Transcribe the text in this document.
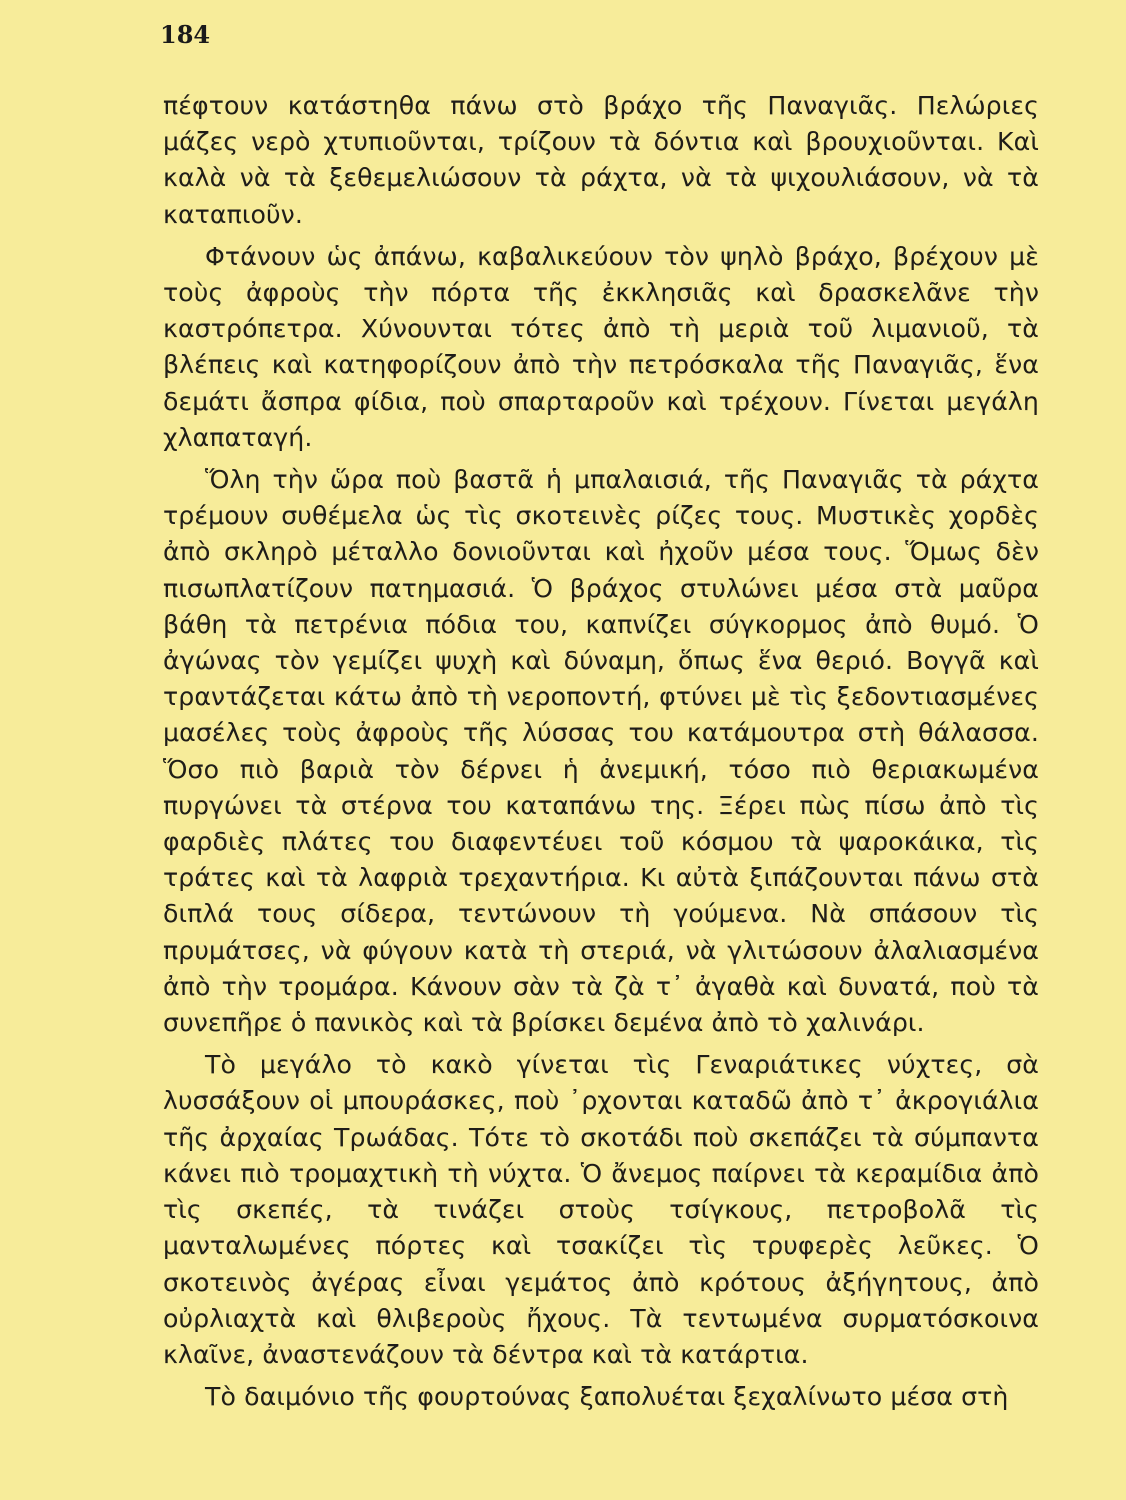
184

πέφτουν κατάστηθα πάνω στὸ βράχο τῆς Παναγιᾶς. Πελώριες μάζες νερὸ χτυπιοῦνται, τρίζουν τὰ δόντια καὶ βρουχιοῦνται. Καὶ καλὰ νὰ τὰ ξεθεμελιώσουν τὰ ράχτα, νὰ τὰ ψιχουλιάσουν, νὰ τὰ καταπιοῦν.

Φτάνουν ὡς ἀπάνω, καβαλικεύουν τὸν ψηλὸ βράχο, βρέχουν μὲ τοὺς ἀφροὺς τὴν πόρτα τῆς ἐκκλησιᾶς καὶ δρασκελᾶνε τὴν καστρόπετρα. Χύνουνται τότες ἀπὸ τὴ μεριὰ τοῦ λιμανιοῦ, τὰ βλέπεις καὶ κατηφορίζουν ἀπὸ τὴν πετρόσκαλα τῆς Παναγιᾶς, ἕνα δεμάτι ἄσπρα φίδια, ποὺ σπαρταροῦν καὶ τρέχουν. Γίνεται μεγάλη χλαπαταγή.

Ὅλη τὴν ὥρα ποὺ βαστᾶ ἡ μπαλαισιά, τῆς Παναγιᾶς τὰ ράχτα τρέμουν συθέμελα ὡς τὶς σκοτεινὲς ρίζες τους. Μυστικὲς χορδὲς ἀπὸ σκληρὸ μέταλλο δονιοῦνται καὶ ἠχοῦν μέσα τους. Ὅμως δὲν πισωπλατίζουν πατημασιά. Ὁ βράχος στυλώνει μέσα στὰ μαῦρα βάθη τὰ πετρένια πόδια του, καπνίζει σύγκορμος ἀπὸ θυμό. Ὁ ἀγώνας τὸν γεμίζει ψυχὴ καὶ δύναμη, ὅπως ἕνα θεριό. Βογγᾶ καὶ τραντάζεται κάτω ἀπὸ τὴ νεροποντή, φτύνει μὲ τὶς ξεδοντιασμένες μασέλες τοὺς ἀφροὺς τῆς λύσσας του κατάμουτρα στὴ θάλασσα. Ὅσο πιὸ βαριὰ τὸν δέρνει ἡ ἀνεμική, τόσο πιὸ θεριακωμένα πυργώνει τὰ στέρνα του καταπάνω της. Ξέρει πὼς πίσω ἀπὸ τὶς φαρδιὲς πλάτες του διαφεντέυει τοῦ κόσμου τὰ ψαροκάικα, τὶς τράτες καὶ τὰ λαφριὰ τρεχαντήρια. Κι αὐτὰ ξιπάζουνται πάνω στὰ διπλά τους σίδερα, τεντώνουν τὴ γούμενα. Νὰ σπάσουν τὶς πρυμάτσες, νὰ φύγουν κατὰ τὴ στεριά, νὰ γλιτώσουν ἀλαλιασμένα ἀπὸ τὴν τρομάρα. Κάνουν σὰν τὰ ζὰ τ᾽ ἀγαθὰ καὶ δυνατά, ποὺ τὰ συνεπῆρε ὁ πανικὸς καὶ τὰ βρίσκει δεμένα ἀπὸ τὸ χαλινάρι.

Τὸ μεγάλο τὸ κακὸ γίνεται τὶς Γεναριάτικες νύχτες, σὰ λυσσάξουν οἱ μπουράσκες, ποὺ ᾽ρχονται καταδῶ ἀπὸ τ᾽ ἀκρογιάλια τῆς ἀρχαίας Τρωάδας. Τότε τὸ σκοτάδι ποὺ σκεπάζει τὰ σύμπαντα κάνει πιὸ τρομαχτικὴ τὴ νύχτα. Ὁ ἄνεμος παίρνει τὰ κεραμίδια ἀπὸ τὶς σκεπές, τὰ τινάζει στοὺς τσίγκους, πετροβολᾶ τὶς μανταλωμένες πόρτες καὶ τσακίζει τὶς τρυφερὲς λεῦκες. Ὁ σκοτεινὸς ἀγέρας εἶναι γεμάτος ἀπὸ κρότους ἀξήγητους, ἀπὸ οὐρλιαχτὰ καὶ θλιβεροὺς ἤχους. Τὰ τεντωμένα συρματόσκοινα κλαῖνε, ἀναστενάζουν τὰ δέντρα καὶ τὰ κατάρτια.

Τὸ δαιμόνιο τῆς φουρτούνας ξαπολυέται ξεχαλίνωτο μέσα στὴ
